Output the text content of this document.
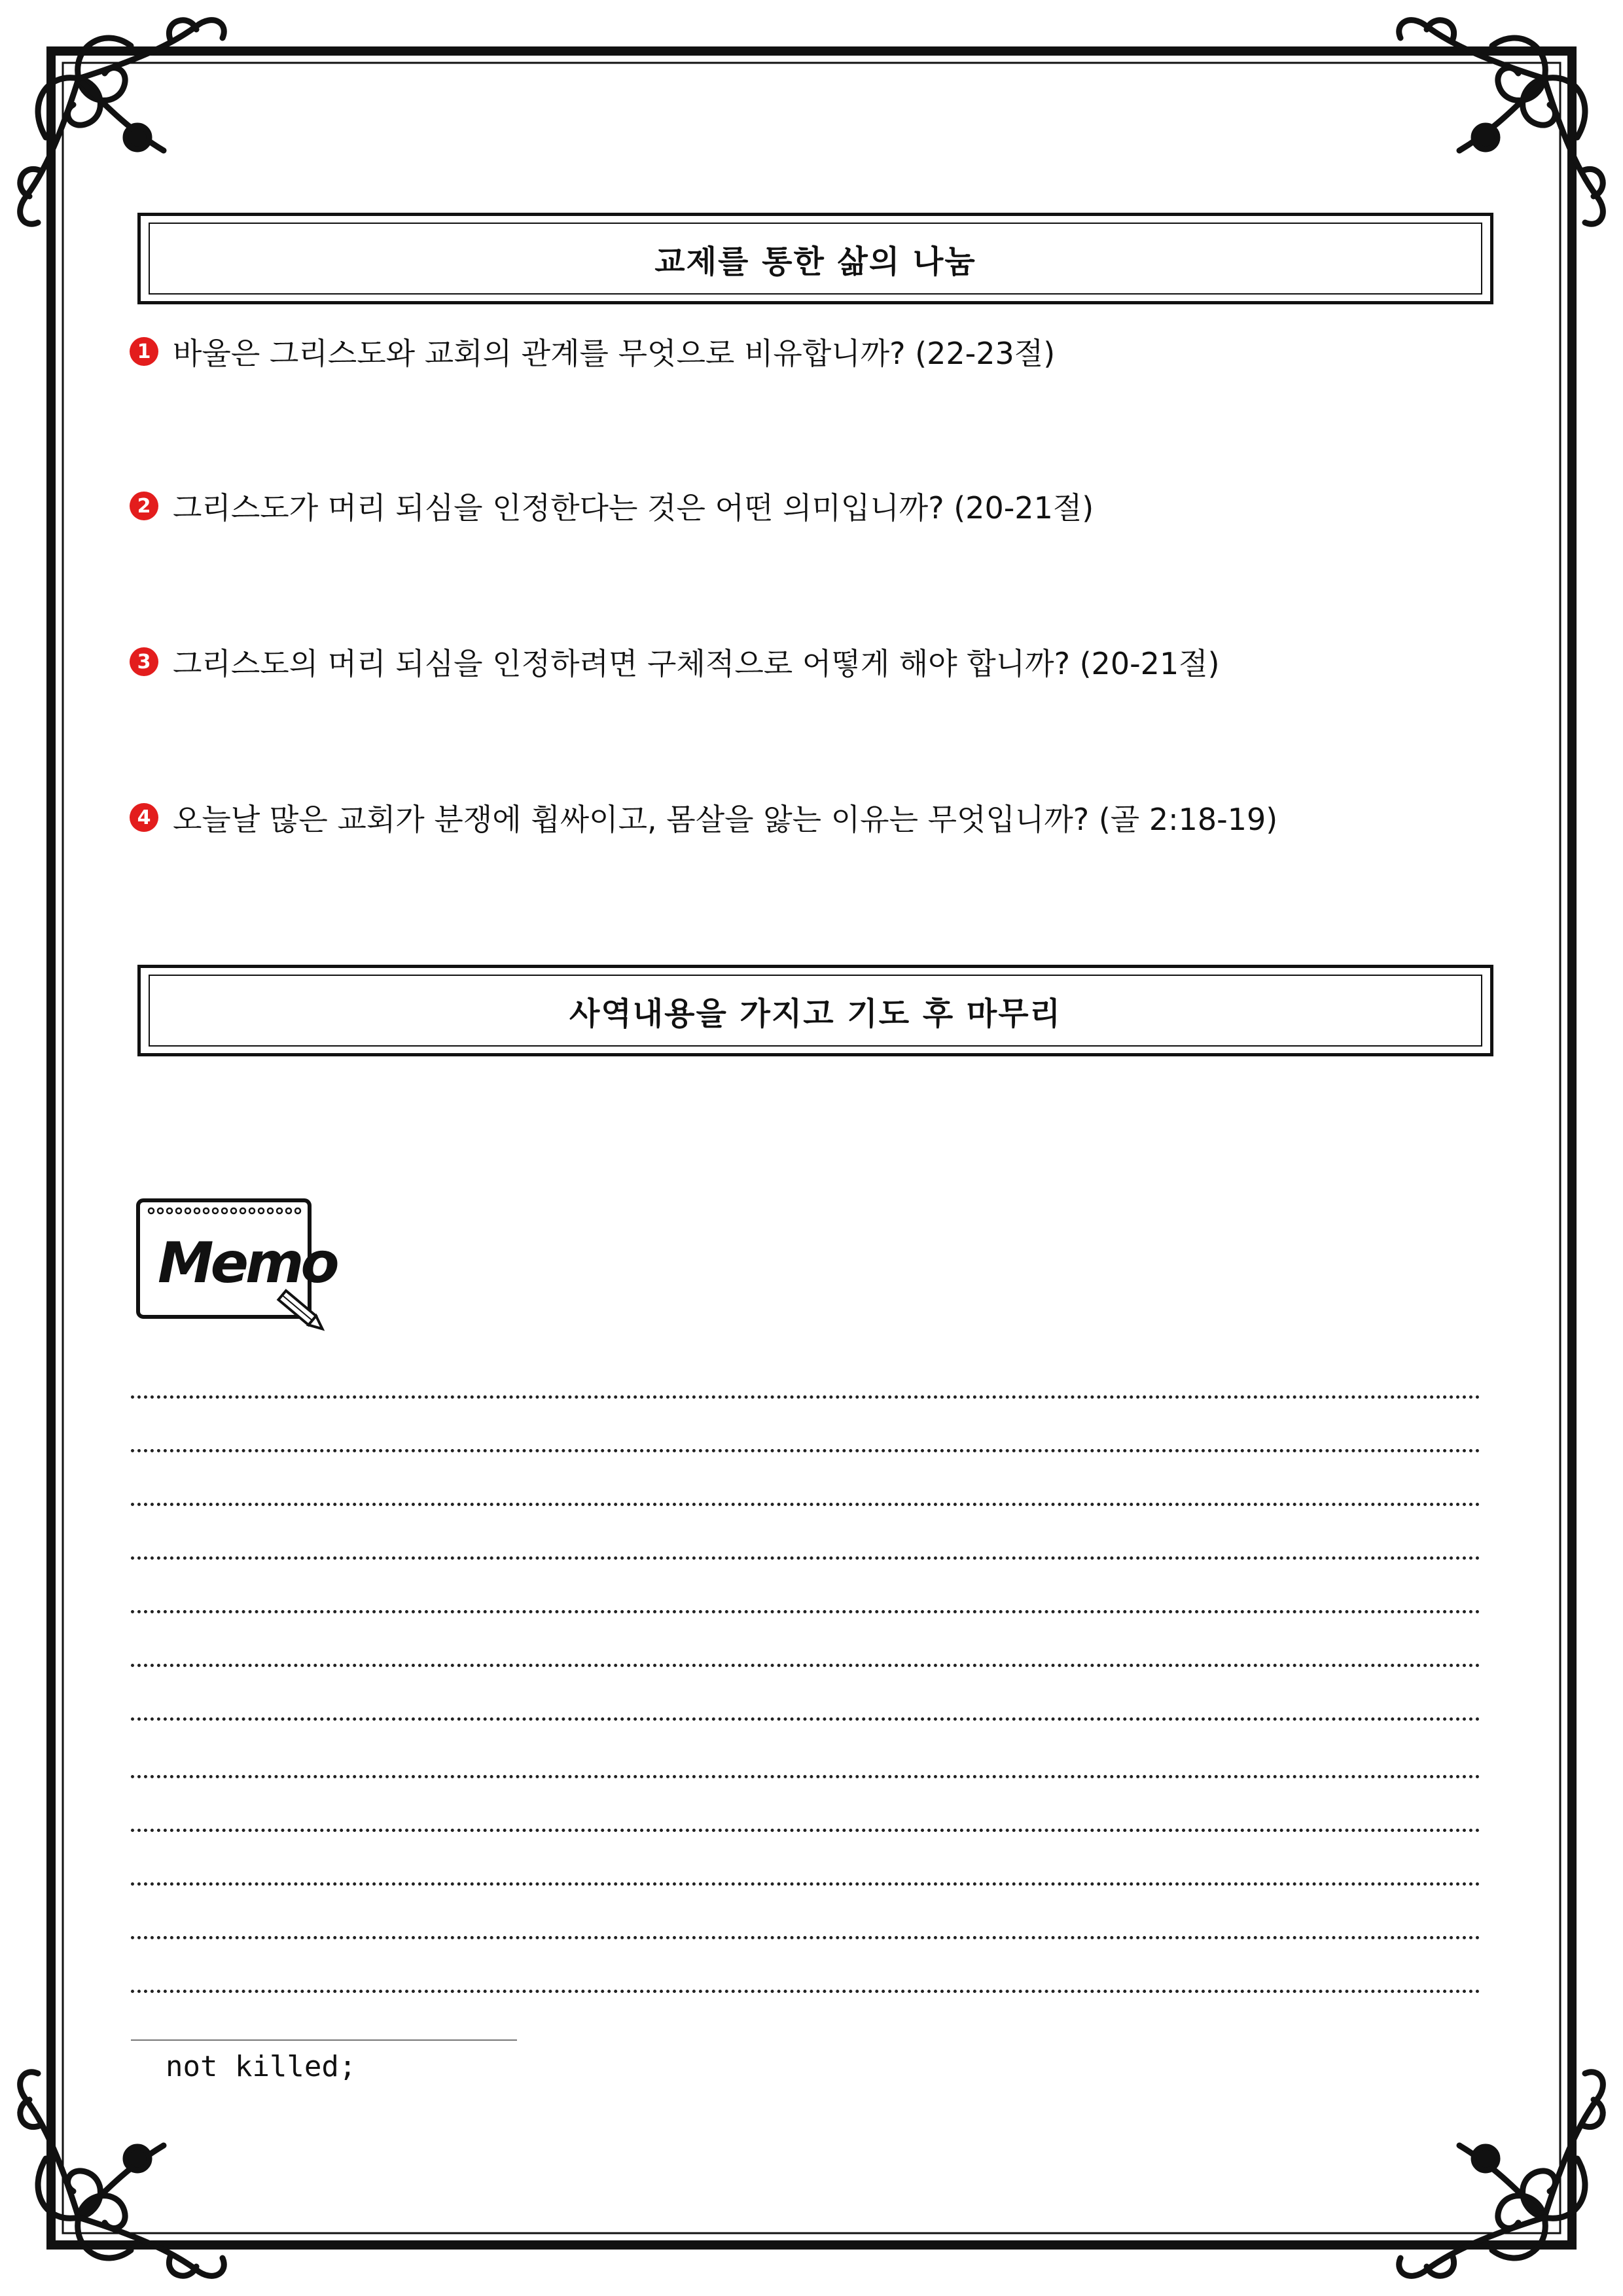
교제를 통한 삶의 나눔
1 바울은 그리스도와 교회의 관계를 무엇으로 비유합니까? (22-23절)
2 그리스도가 머리 되심을 인정한다는 것은 어떤 의미입니까? (20-21절)
3 그리스도의 머리 되심을 인정하려면 구체적으로 어떻게 해야 합니까? (20-21절)
4 오늘날 많은 교회가 분쟁에 휩싸이고, 몸살을 앓는 이유는 무엇입니까? (골 2:18-19)
사역내용을 가지고 기도 후 마무리
Memo
not killed;
